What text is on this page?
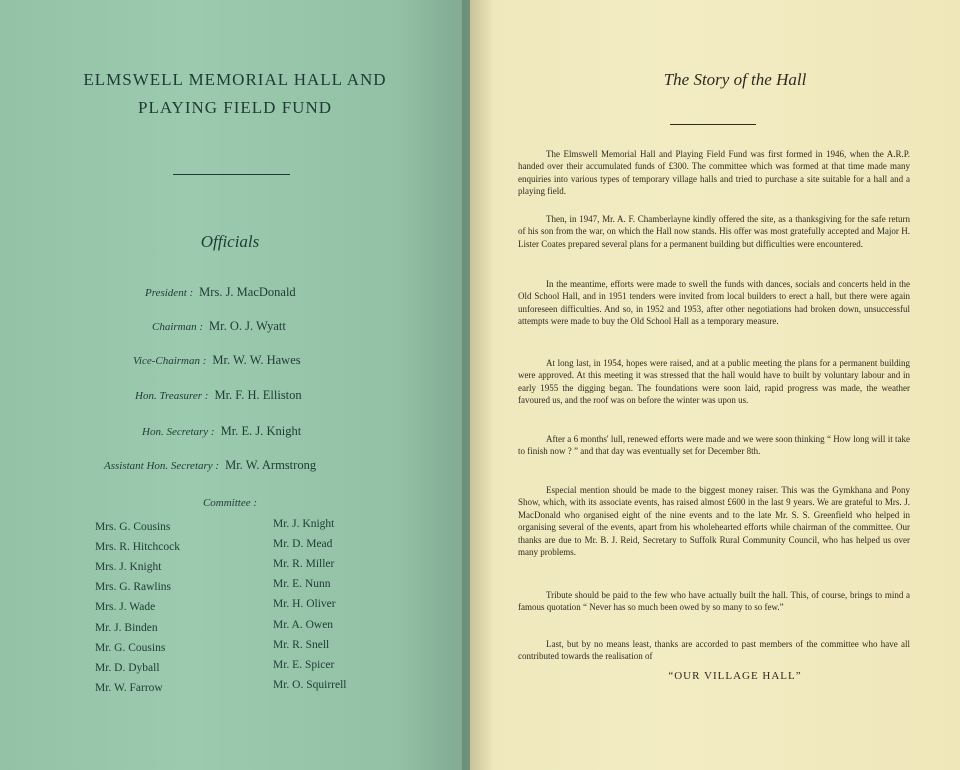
ELMSWELL MEMORIAL HALL AND
PLAYING FIELD FUND
Officials
President : Mrs. J. MacDonald
Chairman : Mr. O. J. Wyatt
Vice-Chairman : Mr. W. W. Hawes
Hon. Treasurer : Mr. F. H. Elliston
Hon. Secretary : Mr. E. J. Knight
Assistant Hon. Secretary : Mr. W. Armstrong
Committee :
Mrs. G. Cousins
Mrs. R. Hitchcock
Mrs. J. Knight
Mrs. G. Rawlins
Mrs. J. Wade
Mr. J. Binden
Mr. G. Cousins
Mr. D. Dyball
Mr. W. Farrow
Mr. J. Knight
Mr. D. Mead
Mr. R. Miller
Mr. E. Nunn
Mr. H. Oliver
Mr. A. Owen
Mr. R. Snell
Mr. E. Spicer
Mr. O. Squirrell
The Story of the Hall

The Elmswell Memorial Hall and Playing Field Fund was first formed in 1946, when the A.R.P. handed over their accumulated funds of £300. The committee which was formed at that time made many enquiries into various types of temporary village halls and tried to purchase a site suitable for a hall and a playing field.

Then, in 1947, Mr. A. F. Chamberlayne kindly offered the site, as a thanksgiving for the safe return of his son from the war, on which the Hall now stands. His offer was most gratefully accepted and Major H. Lister Coates prepared several plans for a permanent building but difficulties were encountered.

In the meantime, efforts were made to swell the funds with dances, socials and concerts held in the Old School Hall, and in 1951 tenders were invited from local builders to erect a hall, but there were again unforeseen difficulties. And so, in 1952 and 1953, after other negotiations had broken down, unsuccessful attempts were made to buy the Old School Hall as a temporary measure.

At long last, in 1954, hopes were raised, and at a public meeting the plans for a permanent building were approved. At this meeting it was stressed that the hall would have to built by voluntary labour and in early 1955 the digging began. The foundations were soon laid, rapid progress was made, the weather favoured us, and the roof was on before the winter was upon us.

After a 6 months' lull, renewed efforts were made and we were soon thinking “ How long will it take to finish now ? ” and that day was eventually set for December 8th.

Especial mention should be made to the biggest money raiser. This was the Gymkhana and Pony Show, which, with its associate events, has raised almost £600 in the last 9 years. We are grateful to Mrs. J. MacDonald who organised eight of the nine events and to the late Mr. S. S. Greenfield who helped in organising several of the events, apart from his wholehearted efforts while chairman of the committee. Our thanks are due to Mr. B. J. Reid, Secretary to Suffolk Rural Community Council, who has helped us over many problems.

Tribute should be paid to the few who have actually built the hall. This, of course, brings to mind a famous quotation “ Never has so much been owed by so many to so few.”

Last, but by no means least, thanks are accorded to past members of the committee who have all contributed towards the realisation of

“OUR VILLAGE HALL”
